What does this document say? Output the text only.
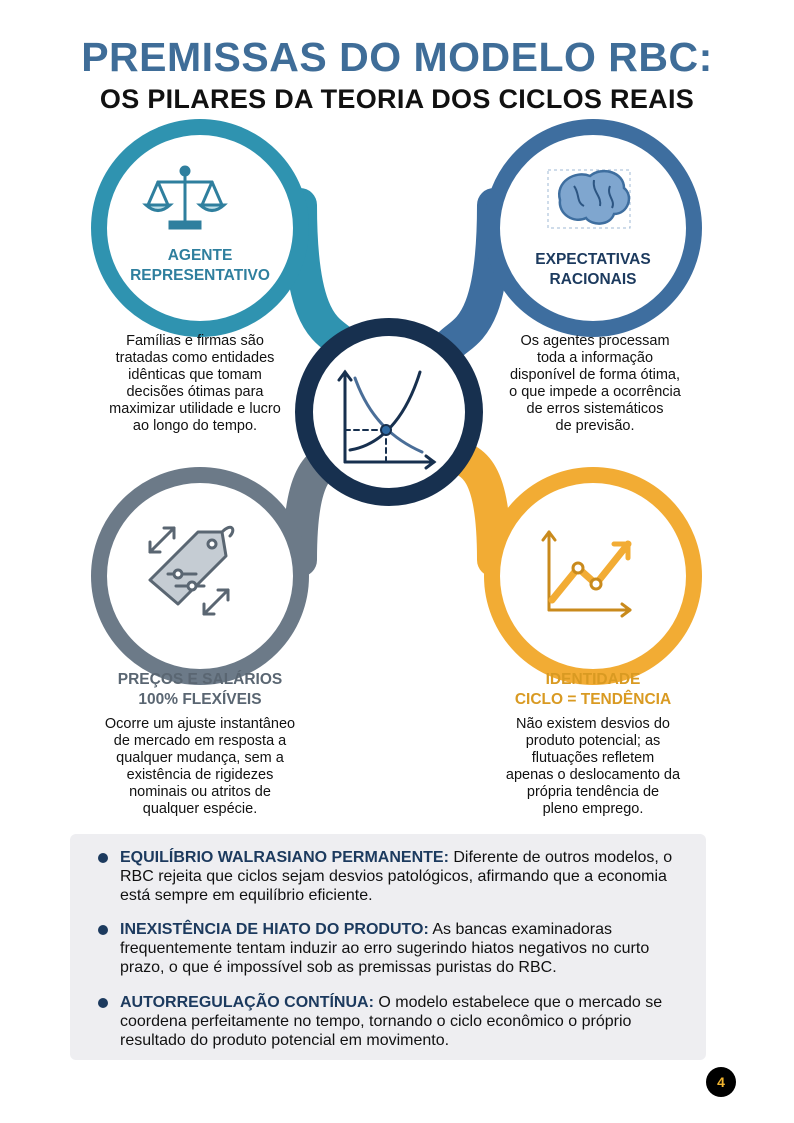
PREMISSAS DO MODELO RBC:
OS PILARES DA TEORIA DOS CICLOS REAIS
AGENTE
REPRESENTATIVO
EXPECTATIVAS
RACIONAIS
PREÇOS E SALÁRIOS
100% FLEXÍVEIS
IDENTIDADE
CICLO = TENDÊNCIA
Famílias e firmas são
tratadas como entidades
idênticas que tomam
decisões ótimas para
maximizar utilidade e lucro
ao longo do tempo.
Os agentes processam
toda a informação
disponível de forma ótima,
o que impede a ocorrência
de erros sistemáticos
de previsão.
Ocorre um ajuste instantâneo
de mercado em resposta a
qualquer mudança, sem a
existência de rigidezes
nominais ou atritos de
qualquer espécie.
Não existem desvios do
produto potencial; as
flutuações refletem
apenas o deslocamento da
própria tendência de
pleno emprego.
EQUILÍBRIO WALRASIANO PERMANENTE: Diferente de outros modelos, o RBC rejeita que ciclos sejam desvios patológicos, afirmando que a economia está sempre em equilíbrio eficiente.
INEXISTÊNCIA DE HIATO DO PRODUTO: As bancas examinadoras frequentemente tentam induzir ao erro sugerindo hiatos negativos no curto prazo, o que é impossível sob as premissas puristas do RBC.
AUTORREGULAÇÃO CONTÍNUA: O modelo estabelece que o mercado se coordena perfeitamente no tempo, tornando o ciclo econômico o próprio resultado do produto potencial em movimento.
4
